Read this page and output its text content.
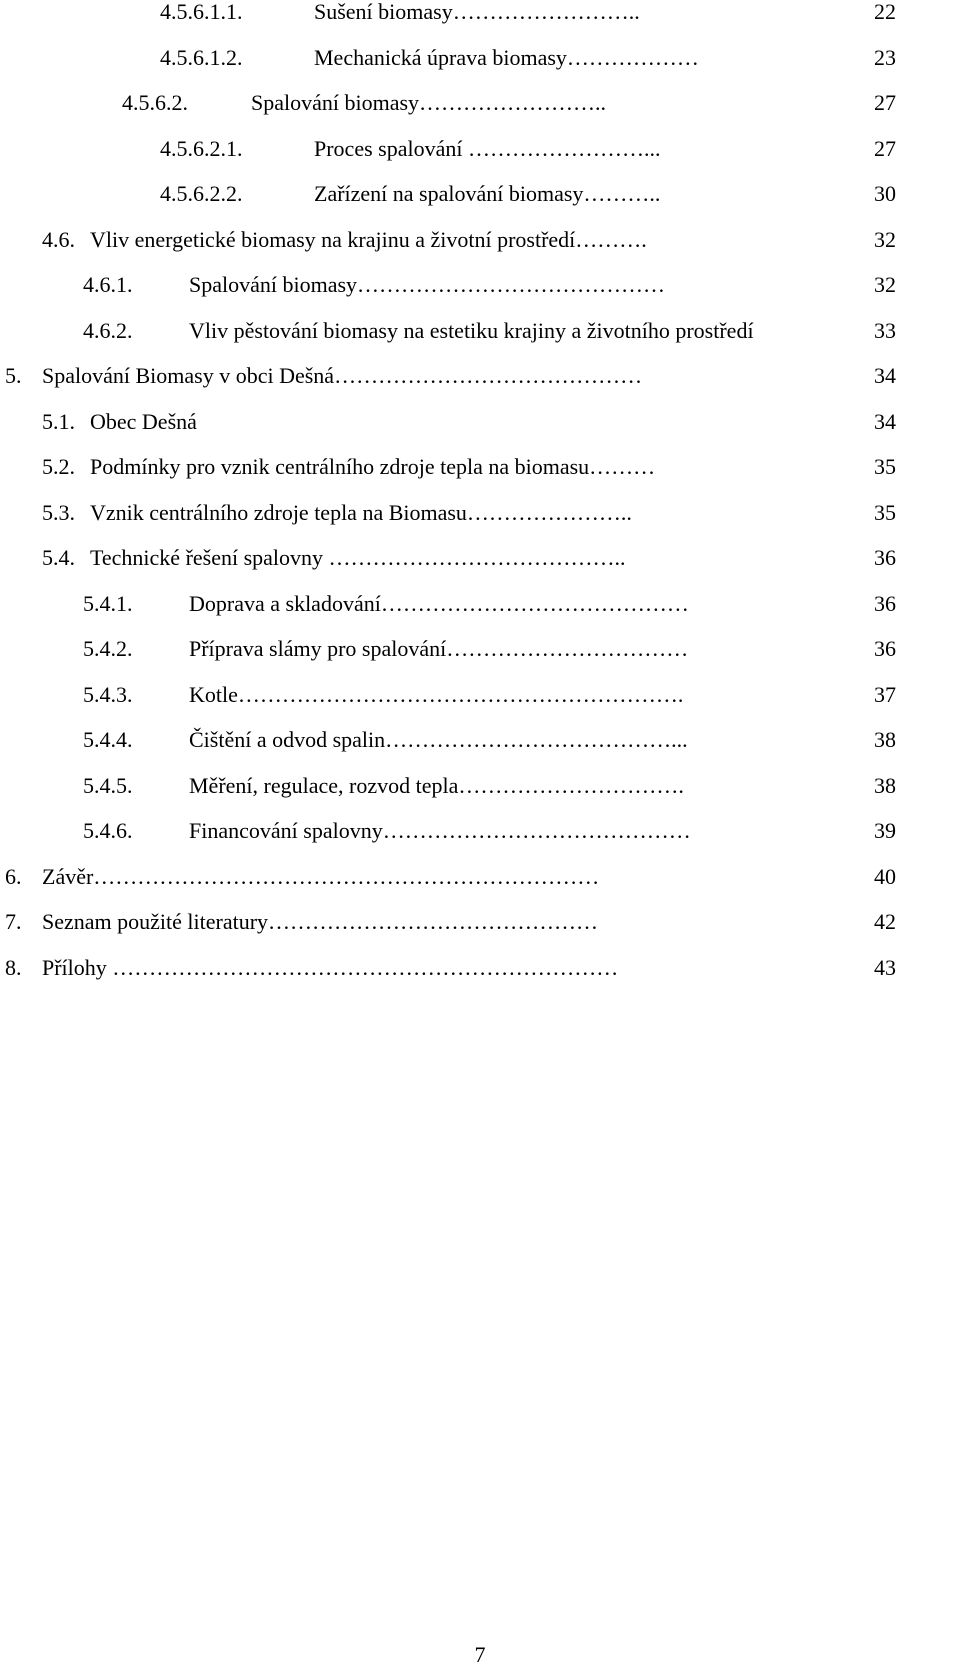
4.5.6.1.1.	Sušení biomasy……………………..	22
4.5.6.1.2.	Mechanická úprava biomasy………………	23
4.5.6.2.	Spalování biomasy……………………..	27
4.5.6.2.1.	Proces spalování ……………………...	27
4.5.6.2.2.	Zařízení na spalování biomasy………..	30
4.6. Vliv energetické biomasy na krajinu a životní prostředí……….	32
4.6.1.	Spalování biomasy……………………………………	32
4.6.2.	Vliv pěstování biomasy na estetiku krajiny a životního prostředí	33
5. Spalování Biomasy v obci Dešná……………………………………	34
5.1. Obec Dešná	34
5.2. Podmínky pro vznik centrálního zdroje tepla na biomasu………	35
5.3. Vznik centrálního zdroje tepla na Biomasu…………………..	35
5.4. Technické řešení spalovny …………………………………..	36
5.4.1.	Doprava a skladování……………………………………	36
5.4.2.	Příprava slámy pro spalování……………………………	36
5.4.3.	Kotle…………………………………………………….	37
5.4.4.	Čištění a odvod spalin…………………………………...	38
5.4.5.	Měření, regulace, rozvod tepla………………………….	38
5.4.6.	Financování spalovny……………………………………	39
6. Závěr……………………………………………………………	40
7. Seznam použité literatury………………………………………	42
8. Přílohy ……………………………………………………………	43
7
